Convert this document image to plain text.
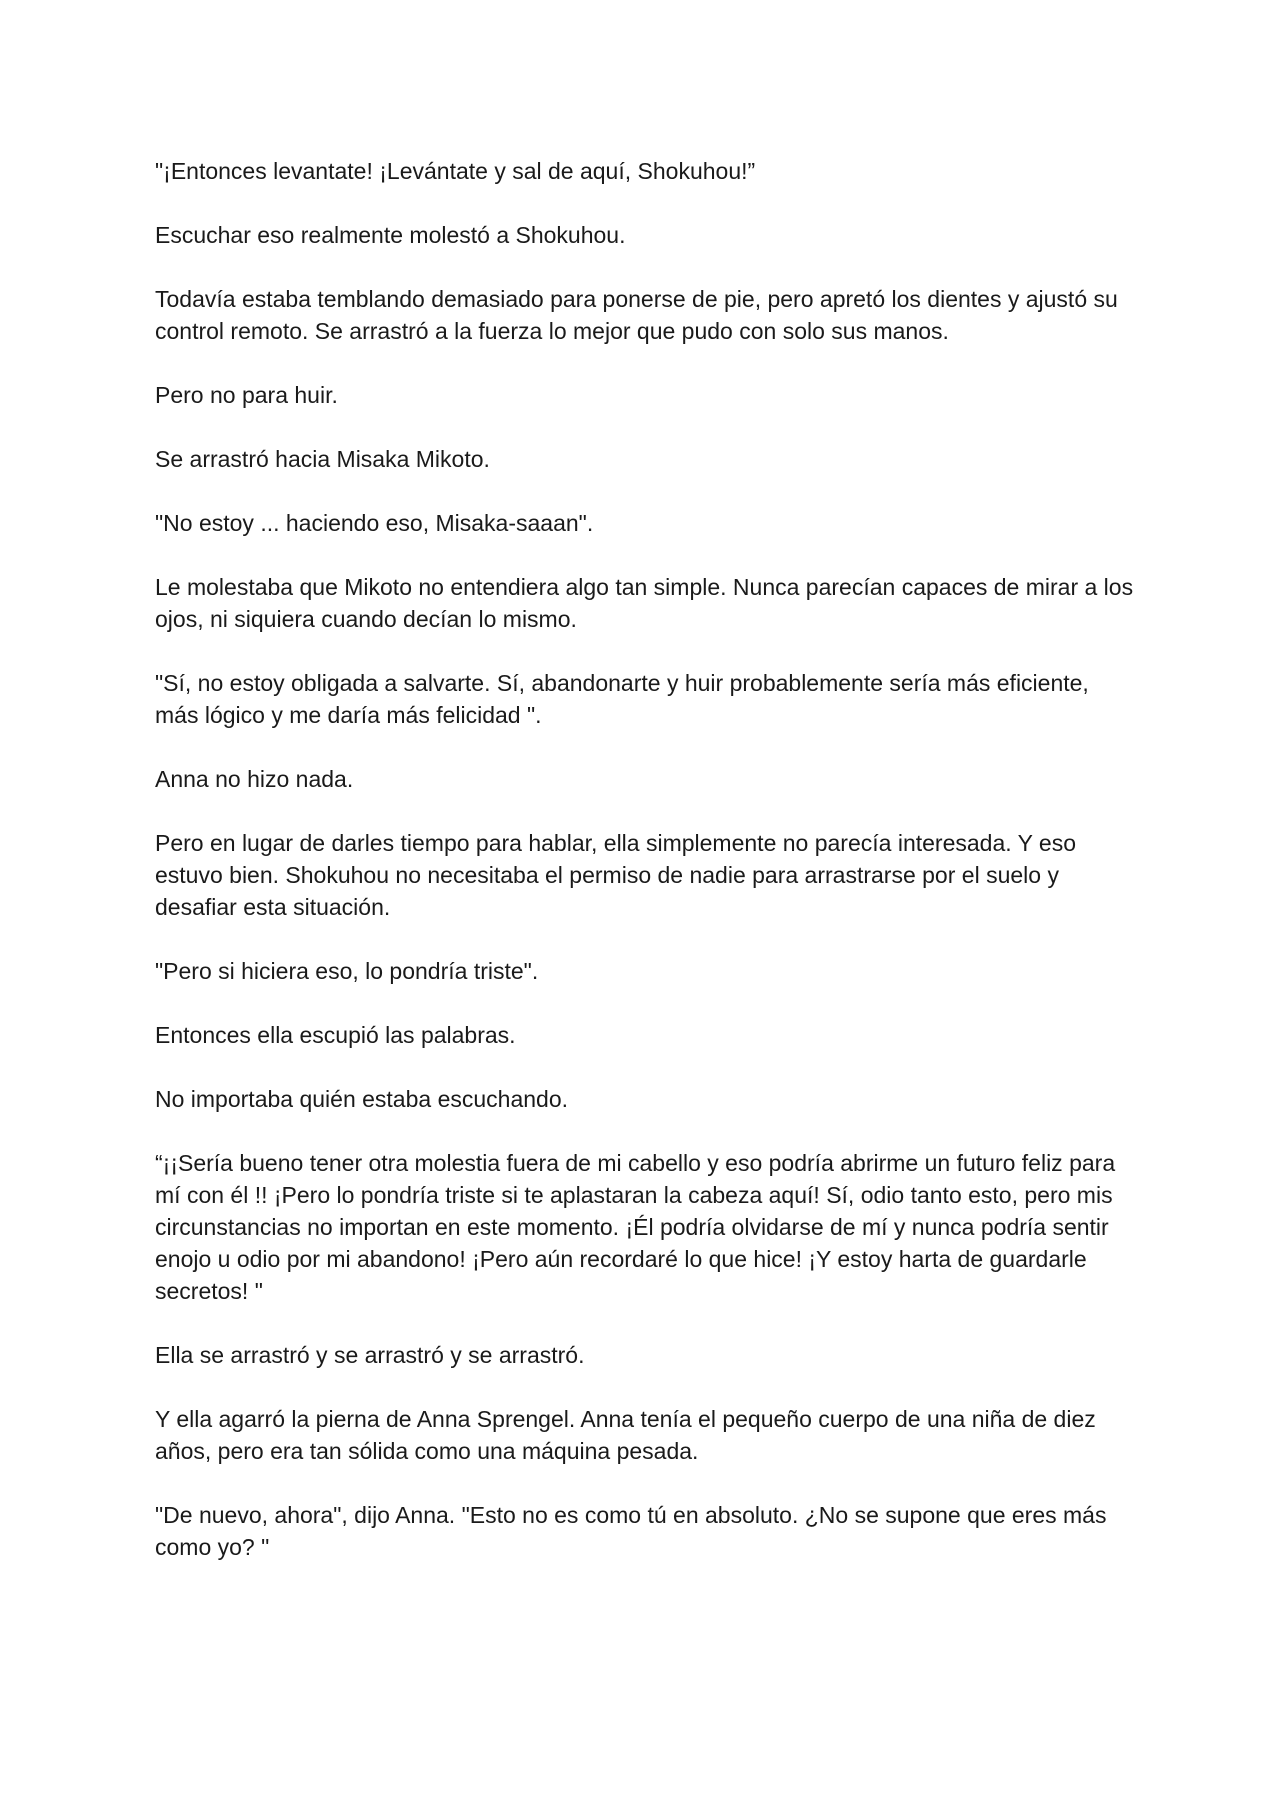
"¡Entonces levantate! ¡Levántate y sal de aquí, Shokuhou!”

Escuchar eso realmente molestó a Shokuhou.

Todavía estaba temblando demasiado para ponerse de pie, pero apretó los dientes y ajustó su control remoto. Se arrastró a la fuerza lo mejor que pudo con solo sus manos.

Pero no para huir.

Se arrastró hacia Misaka Mikoto.

"No estoy ... haciendo eso, Misaka-saaan".

Le molestaba que Mikoto no entendiera algo tan simple. Nunca parecían capaces de mirar a los ojos, ni siquiera cuando decían lo mismo.

"Sí, no estoy obligada a salvarte. Sí, abandonarte y huir probablemente sería más eficiente, más lógico y me daría más felicidad ".

Anna no hizo nada.

Pero en lugar de darles tiempo para hablar, ella simplemente no parecía interesada. Y eso estuvo bien. Shokuhou no necesitaba el permiso de nadie para arrastrarse por el suelo y desafiar esta situación.

"Pero si hiciera eso, lo pondría triste".

Entonces ella escupió las palabras.

No importaba quién estaba escuchando.

“¡¡Sería bueno tener otra molestia fuera de mi cabello y eso podría abrirme un futuro feliz para mí con él !! ¡Pero lo pondría triste si te aplastaran la cabeza aquí! Sí, odio tanto esto, pero mis circunstancias no importan en este momento. ¡Él podría olvidarse de mí y nunca podría sentir enojo u odio por mi abandono! ¡Pero aún recordaré lo que hice! ¡Y estoy harta de guardarle secretos! "

Ella se arrastró y se arrastró y se arrastró.

Y ella agarró la pierna de Anna Sprengel. Anna tenía el pequeño cuerpo de una niña de diez años, pero era tan sólida como una máquina pesada.

"De nuevo, ahora", dijo Anna. "Esto no es como tú en absoluto. ¿No se supone que eres más como yo? "
